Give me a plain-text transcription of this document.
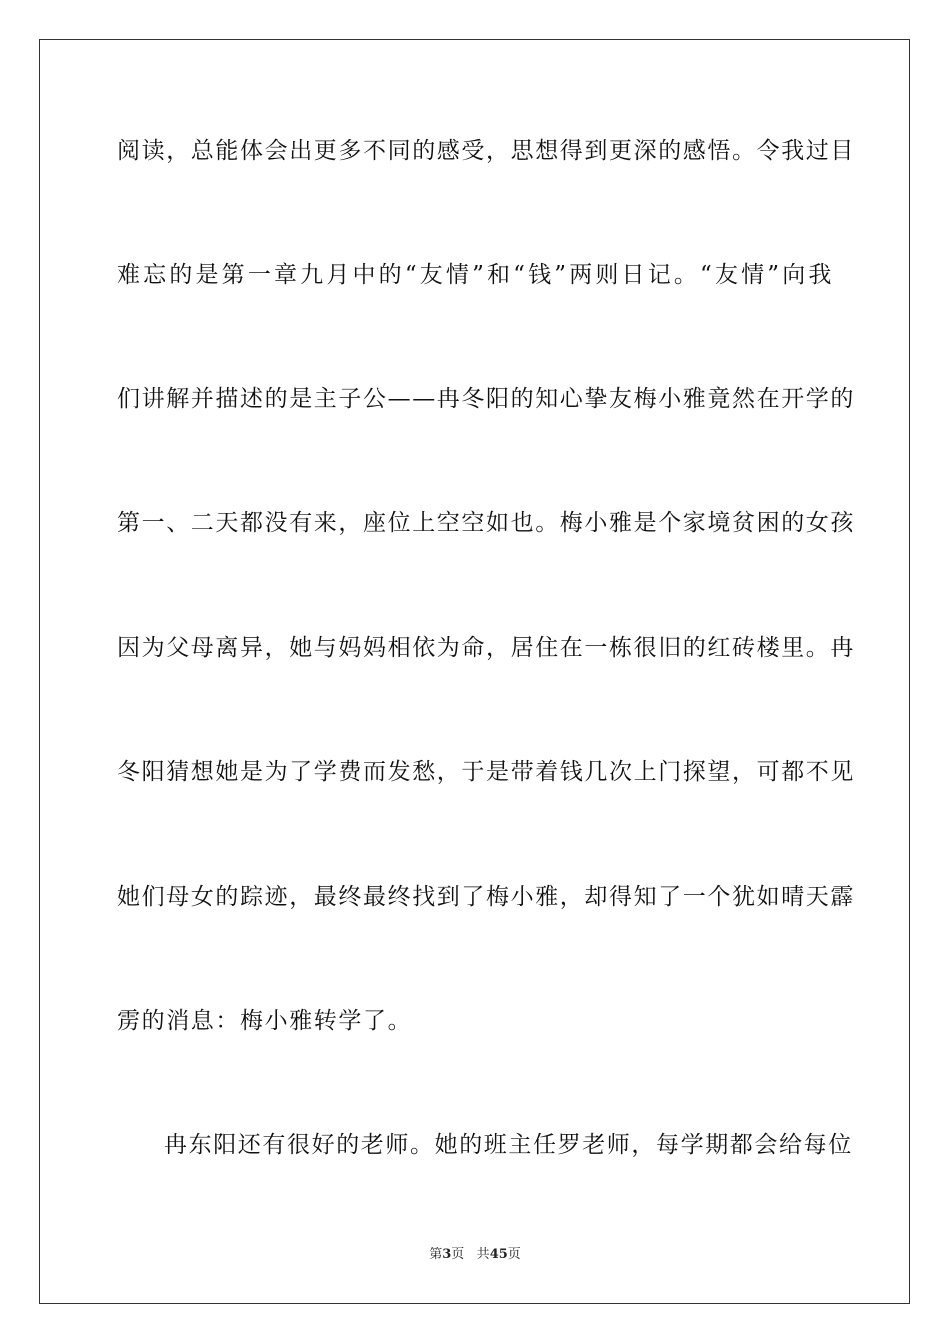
阅读，总能体会出更多不同的感受，思想得到更深的感悟。令我过目
难忘的是第一章九月中的“友情”和“钱”两则日记。“友情”向我
们讲解并描述的是主子公——冉冬阳的知心挚友梅小雅竟然在开学的
第一、二天都没有来，座位上空空如也。梅小雅是个家境贫困的女孩
因为父母离异，她与妈妈相依为命，居住在一栋很旧的红砖楼里。冉
冬阳猜想她是为了学费而发愁，于是带着钱几次上门探望，可都不见
她们母女的踪迹，最终最终找到了梅小雅，却得知了一个犹如晴天霹
雳的消息：梅小雅转学了。
冉东阳还有很好的老师。她的班主任罗老师，每学期都会给每位
第3页 共45页
